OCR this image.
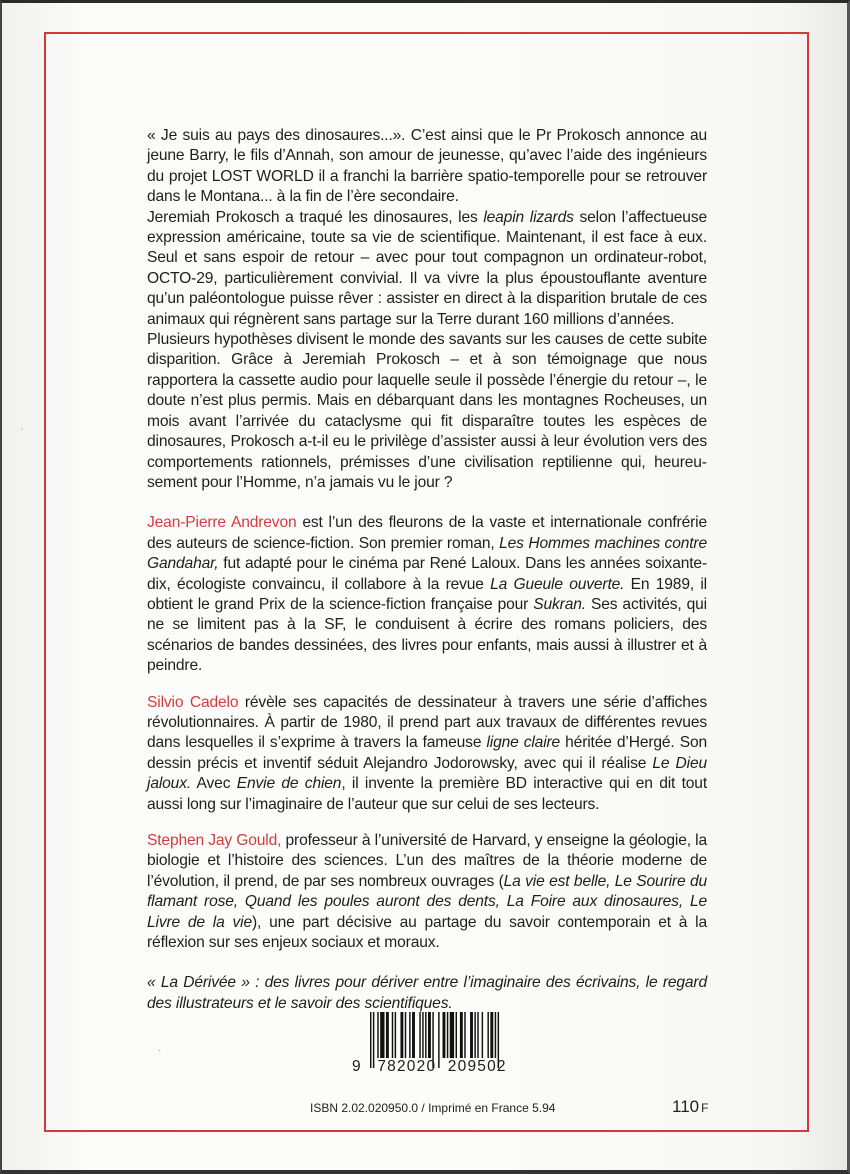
« Je suis au pays des dinosaures...». C’est ainsi que le Pr Prokosch annonce au jeune Barry, le fils d’Annah, son amour de jeunesse, qu’avec l’aide des ingénieurs du projet LOST WORLD il a franchi la barrière spatio-temporelle pour se retrouver dans le Montana... à la fin de l’ère secondaire.

Jeremiah Prokosch a traqué les dinosaures, les leapin lizards selon l’affectueuse expression américaine, toute sa vie de scientifique. Maintenant, il est face à eux. Seul et sans espoir de retour – avec pour tout compagnon un ordinateur-robot, OCTO-29, particulièrement convivial. Il va vivre la plus époustouflante aventure qu’un paléontologue puisse rêver : assister en direct à la disparition brutale de ces animaux qui régnèrent sans partage sur la Terre durant 160 millions d’années.

Plusieurs hypothèses divisent le monde des savants sur les causes de cette subite disparition. Grâce à Jeremiah Prokosch – et à son témoignage que nous rapportera la cassette audio pour laquelle seule il possède l’énergie du retour –, le doute n’est plus permis. Mais en débarquant dans les montagnes Rocheuses, un mois avant l’arrivée du cataclysme qui fit disparaître toutes les espèces de dinosaures, Prokosch a-t-il eu le privilège d’assister aussi à leur évolution vers des comportements rationnels, prémisses d’une civilisation reptilienne qui, heureusement pour l’Homme, n’a jamais vu le jour ?

Jean-Pierre Andrevon est l’un des fleurons de la vaste et internationale confrérie des auteurs de science-fiction. Son premier roman, Les Hommes machines contre Gandahar, fut adapté pour le cinéma par René Laloux. Dans les années soixante-dix, écologiste convaincu, il collabore à la revue La Gueule ouverte. En 1989, il obtient le grand Prix de la science-fiction française pour Sukran. Ses activités, qui ne se limitent pas à la SF, le conduisent à écrire des romans policiers, des scénarios de bandes dessinées, des livres pour enfants, mais aussi à illustrer et à peindre.

Silvio Cadelo révèle ses capacités de dessinateur à travers une série d’affiches révolutionnaires. À partir de 1980, il prend part aux travaux de différentes revues dans lesquelles il s’exprime à travers la fameuse ligne claire héritée d’Hergé. Son dessin précis et inventif séduit Alejandro Jodorowsky, avec qui il réalise Le Dieu jaloux. Avec Envie de chien, il invente la première BD interactive qui en dit tout aussi long sur l’imaginaire de l’auteur que sur celui de ses lecteurs.

Stephen Jay Gould, professeur à l’université de Harvard, y enseigne la géologie, la biologie et l’histoire des sciences. L’un des maîtres de la théorie moderne de l’évolution, il prend, de par ses nombreux ouvrages (La vie est belle, Le Sourire du flamant rose, Quand les poules auront des dents, La Foire aux dinosaures, Le Livre de la vie), une part décisive au partage du savoir contemporain et à la réflexion sur ses enjeux sociaux et moraux.

« La Dérivée » : des livres pour dériver entre l’imaginaire des écrivains, le regard des illustrateurs et le savoir des scientifiques.

9 782020 209502
ISBN 2.02.020950.0 / Imprimé en France 5.94	110 F
ˏ
·
